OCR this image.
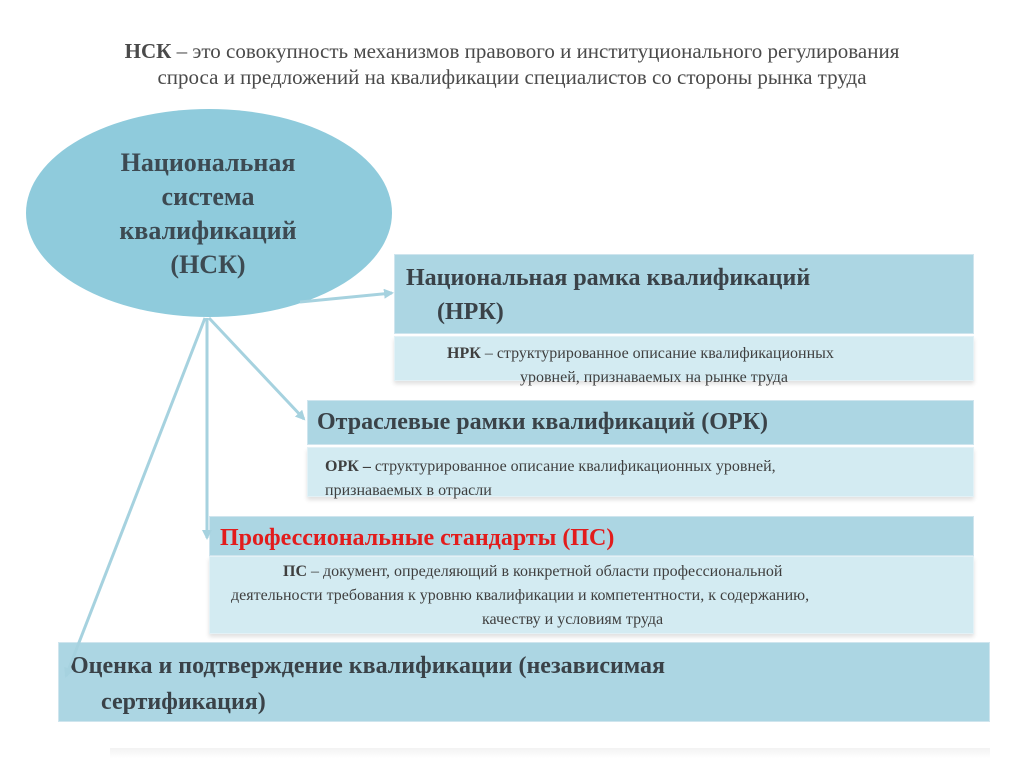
НСК – это совокупность механизмов правового и институционального регулирования
спроса и предложений на квалификации специалистов со стороны рынка труда
Национальная
система
квалификаций
(НСК)	Национальная рамка квалификаций
(НРК)
НРК – структурированное описание квалификационных
уровней, признаваемых на рынке труда
Отраслевые рамки квалификаций (ОРК)
ОРК – структурированное описание квалификационных уровней,
признаваемых в отрасли
Профессиональные стандарты (ПС)
ПС – документ, определяющий в конкретной области профессиональной
деятельности требования к уровню квалификации и компетентности, к содержанию,
качеству и условиям труда
Оценка и подтверждение квалификации (независимая
сертификация)
